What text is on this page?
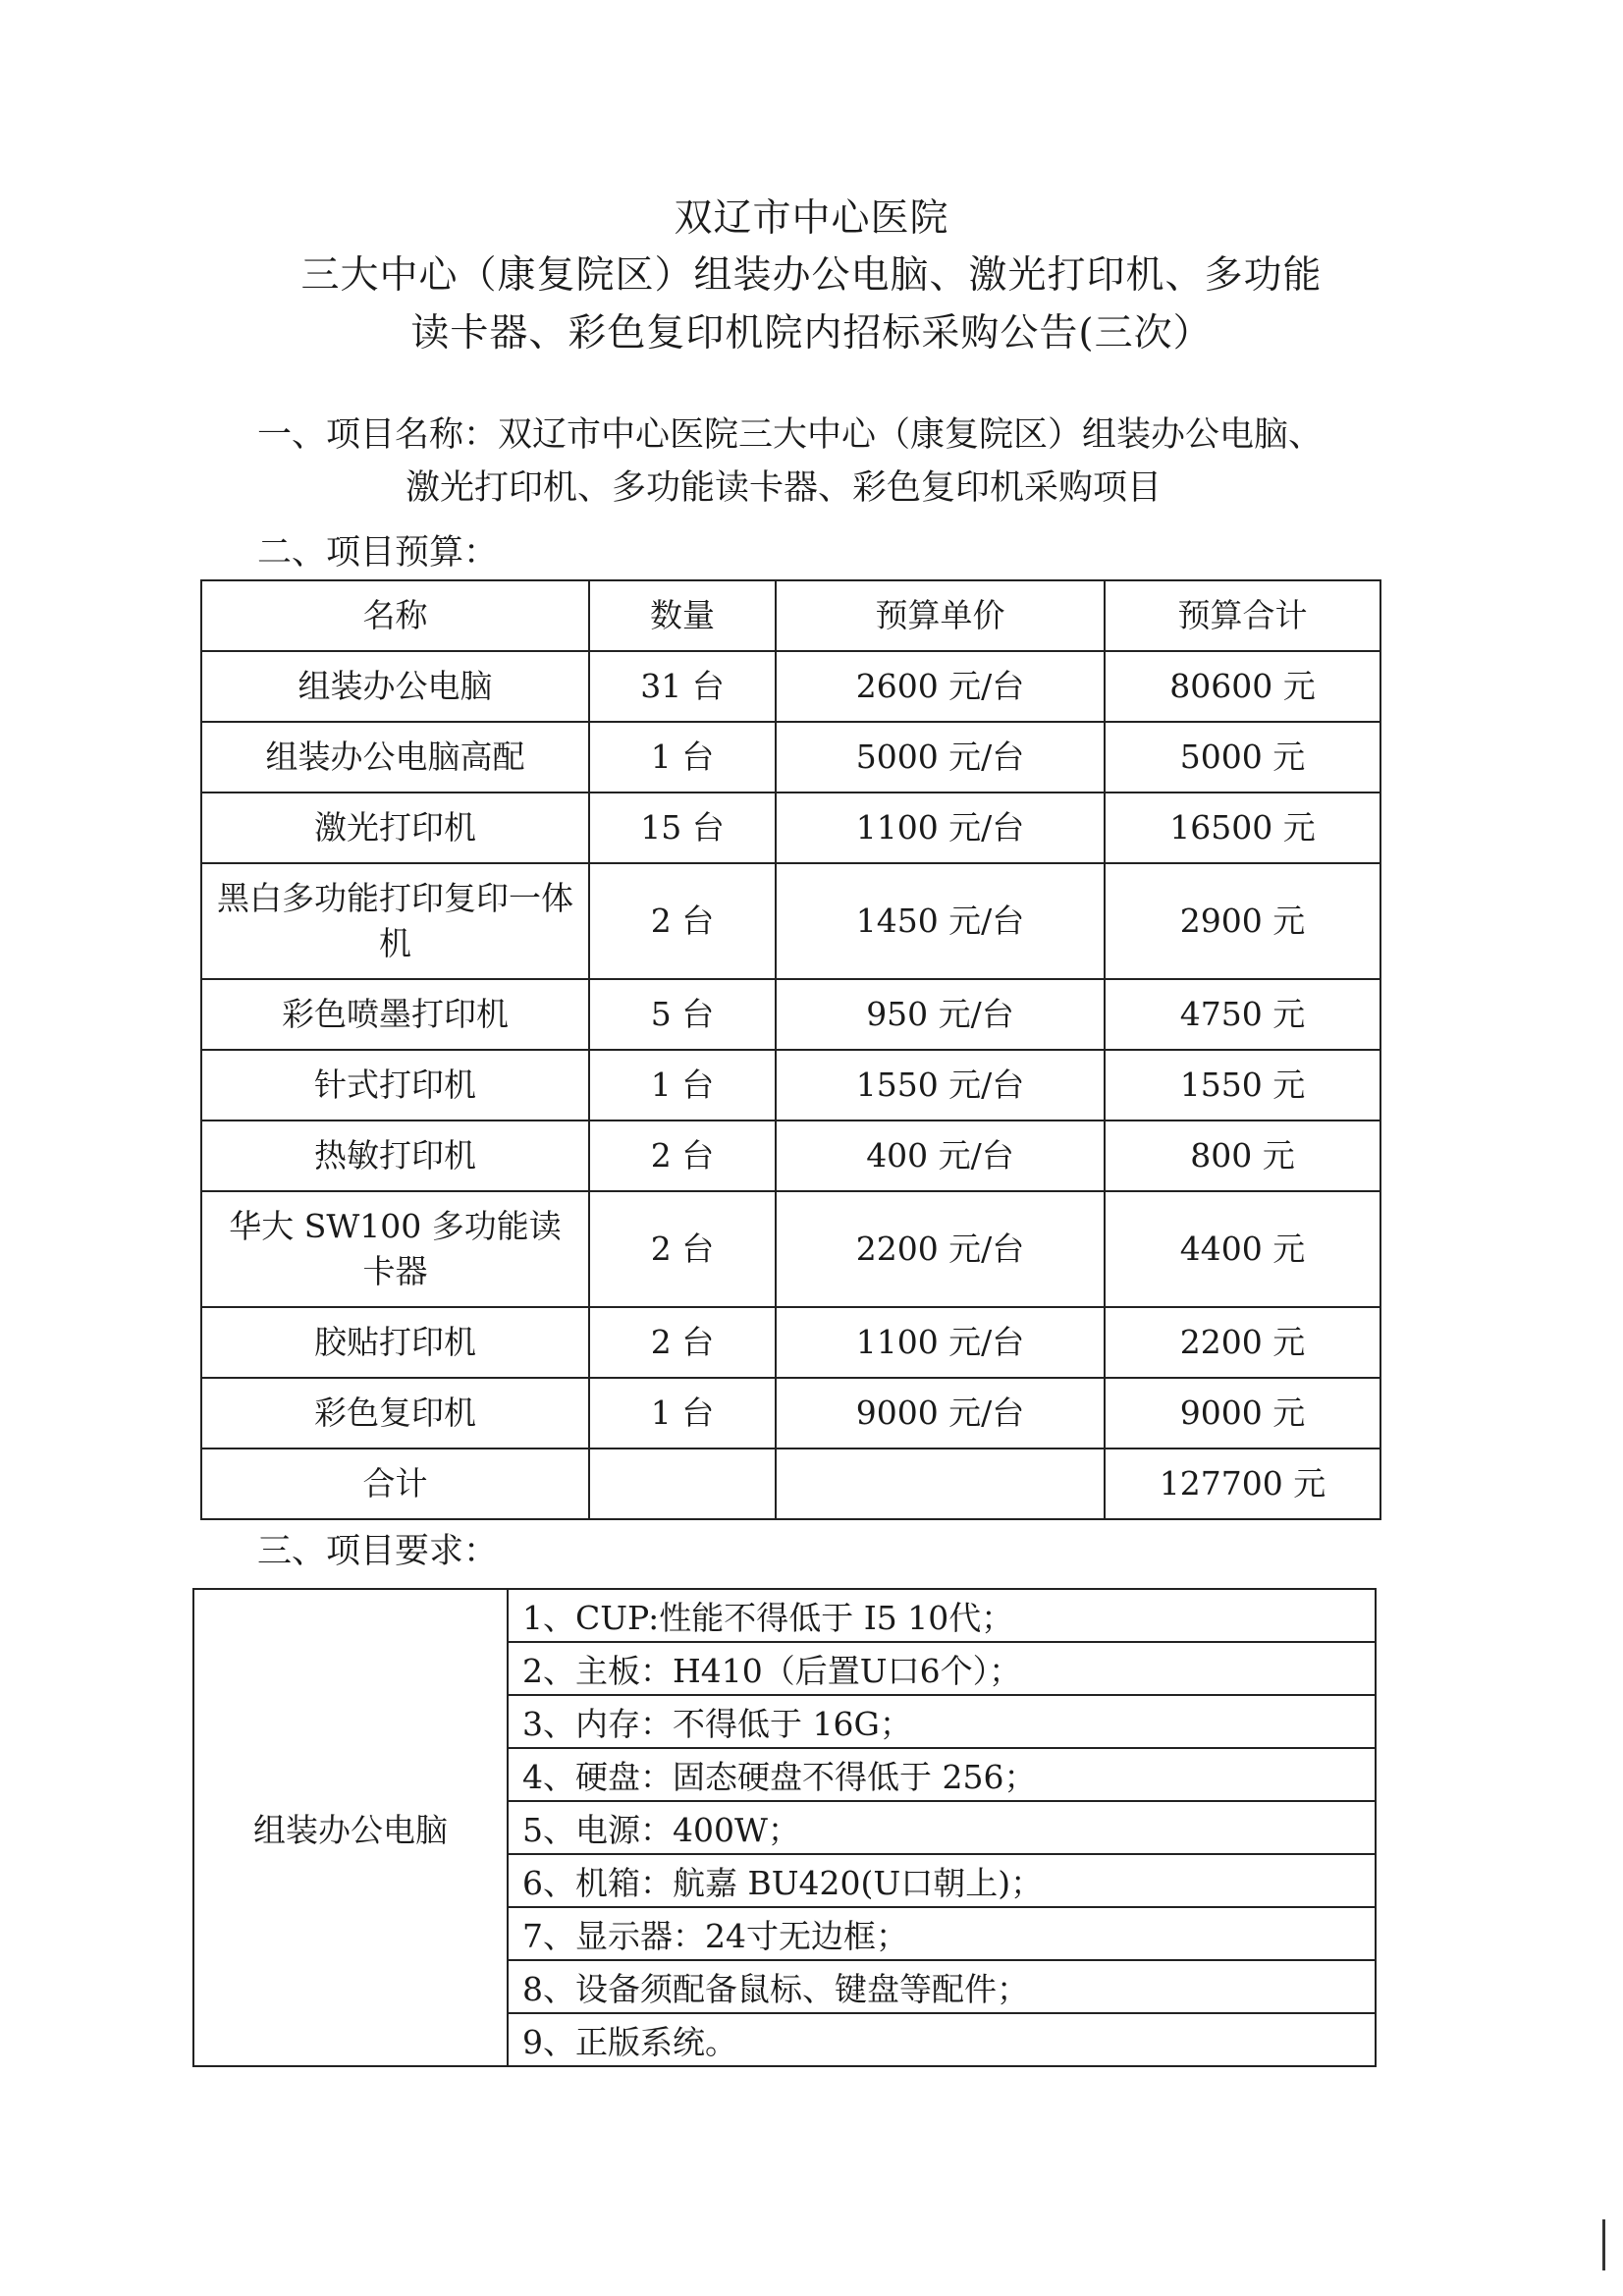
双辽市中心医院
三大中心（康复院区）组装办公电脑、激光打印机、多功能
读卡器、彩色复印机院内招标采购公告(三次）
一、项目名称：双辽市中心医院三大中心（康复院区）组装办公电脑、
激光打印机、多功能读卡器、彩色复印机采购项目
二、项目预算：
名称	数量	预算单价	预算合计
组装办公电脑	31 台	2600 元/台	80600 元
组装办公电脑高配	1 台	5000 元/台	5000 元
激光打印机	15 台	1100 元/台	16500 元
黑白多功能打印复印一体机	2 台	1450 元/台	2900 元
彩色喷墨打印机	5 台	950 元/台	4750 元
针式打印机	1 台	1550 元/台	1550 元
热敏打印机	2 台	400 元/台	800 元
华大 SW100 多功能读卡器	2 台	2200 元/台	4400 元
胶贴打印机	2 台	1100 元/台	2200 元
彩色复印机	1 台	9000 元/台	9000 元
合计			127700 元
三、项目要求：
组装办公电脑	1、CUP:性能不得低于 I5 10代；
2、主板：H410（后置U口6个）；
3、内存：不得低于 16G；
4、硬盘：固态硬盘不得低于 256；
5、电源：400W；
6、机箱：航嘉 BU420(U口朝上)；
7、显示器：24寸无边框；
8、设备须配备鼠标、键盘等配件；
9、正版系统。
